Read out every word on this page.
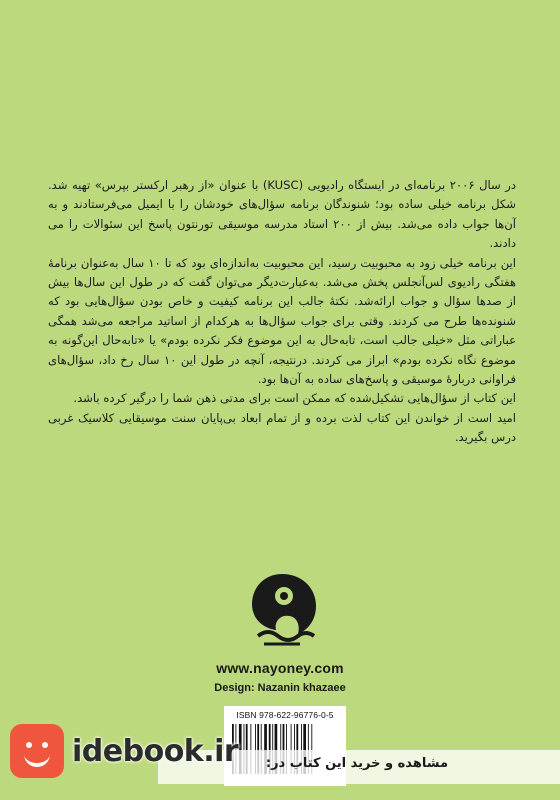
در سال ۲۰۰۶ برنامه‌ای در ایستگاه رادیویی (KUSC) با عنوان «از رهبر ارکستر بپرس» تهیه شد. شکل برنامه خیلی ساده بود؛ شنوندگان برنامه سؤال‌های خودشان را با ایمیل می‌فرستادند و به آن‌ها جواب داده می‌شد. بیش از ۲۰۰ استاد مدرسه موسیقی تورنتون پاسخ این سئوالات را می دادند.

این برنامه خیلی زود به محبوبیت رسید، این محبوبیت به‌اندازه‌ای بود که تا ۱۰ سال به‌عنوان برنامهٔ هفتگی رادیوی لس‌آنجلس پخش می‌شد. به‌عبارت‌دیگر می‌توان گفت که در طول این سال‌ها بیش از صدها سؤال و جواب ارائه‌شد. نکتهٔ جالب این برنامه کیفیت و خاص بودن سؤال‌هایی بود که شنونده‌ها طرح می کردند. وقتی برای جواب سؤال‌ها به هرکدام از اساتید مراجعه می‌شد همگی عباراتی مثل «خیلی جالب است، تابه‌حال به این موضوع فکر نکرده بودم» یا «تابه‌حال این‌گونه به موضوع نگاه نکرده بودم» ابراز می کردند. درنتیجه، آنچه در طول این ۱۰ سال رخ داد، سؤال‌های فراوانی دربارهٔ موسیقی و پاسخ‌های ساده به آن‌ها بود.

این کتاب از سؤال‌هایی تشکیل‌شده که ممکن است برای مدتی ذهن شما را درگیر کرده باشد.

امید است از خواندن این کتاب لذت برده و از تمام ابعاد بی‌پایان سنت موسیقایی کلاسیک غربی درس بگیرید.

www.nayoney.com
Design: Nazanin khazaee
ISBN 978-622-96776-0-5
idebook.ir مشاهده و خرید این کتاب در:
